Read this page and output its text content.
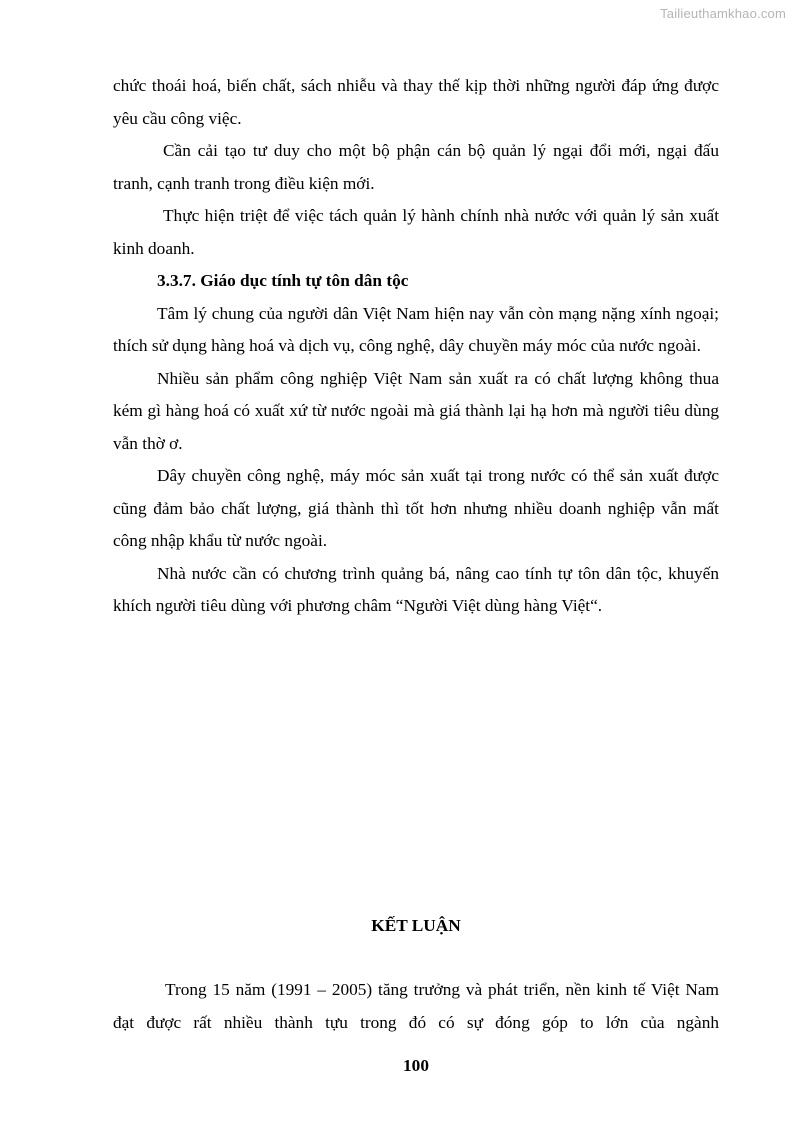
Tailieuthamkhao.com

chức thoái hoá, biến chất, sách nhiễu và thay thế kịp thời những người đáp ứng được yêu cầu công việc.

Cần cải tạo tư duy cho một bộ phận cán bộ quản lý ngại đổi mới, ngại đấu tranh, cạnh tranh trong điều kiện mới.

Thực hiện triệt để việc tách quản lý hành chính nhà nước với quản lý sản xuất kinh doanh.

3.3.7. Giáo dục tính tự tôn dân tộc

Tâm lý chung của người dân Việt Nam hiện nay vẫn còn mạng nặng xính ngoại; thích sử dụng hàng hoá và dịch vụ, công nghệ, dây chuyền máy móc của nước ngoài.

Nhiều sản phẩm công nghiệp Việt Nam sản xuất ra có chất lượng không thua kém gì hàng hoá có xuất xứ từ nước ngoài mà giá thành lại hạ hơn mà người tiêu dùng vẫn thờ ơ.

Dây chuyền công nghệ, máy móc sản xuất tại trong nước có thể sản xuất được cũng đảm bảo chất lượng, giá thành thì tốt hơn nhưng nhiều doanh nghiệp vẫn mất công nhập khẩu từ nước ngoài.

Nhà nước cần có chương trình quảng bá, nâng cao tính tự tôn dân tộc, khuyến khích người tiêu dùng với phương châm “Người Việt dùng hàng Việt“.

KẾT LUẬN

Trong 15 năm (1991 – 2005) tăng trưởng và phát triển, nền kinh tế Việt Nam đạt được rất nhiều thành tựu trong đó có sự đóng góp to lớn của ngành

100
